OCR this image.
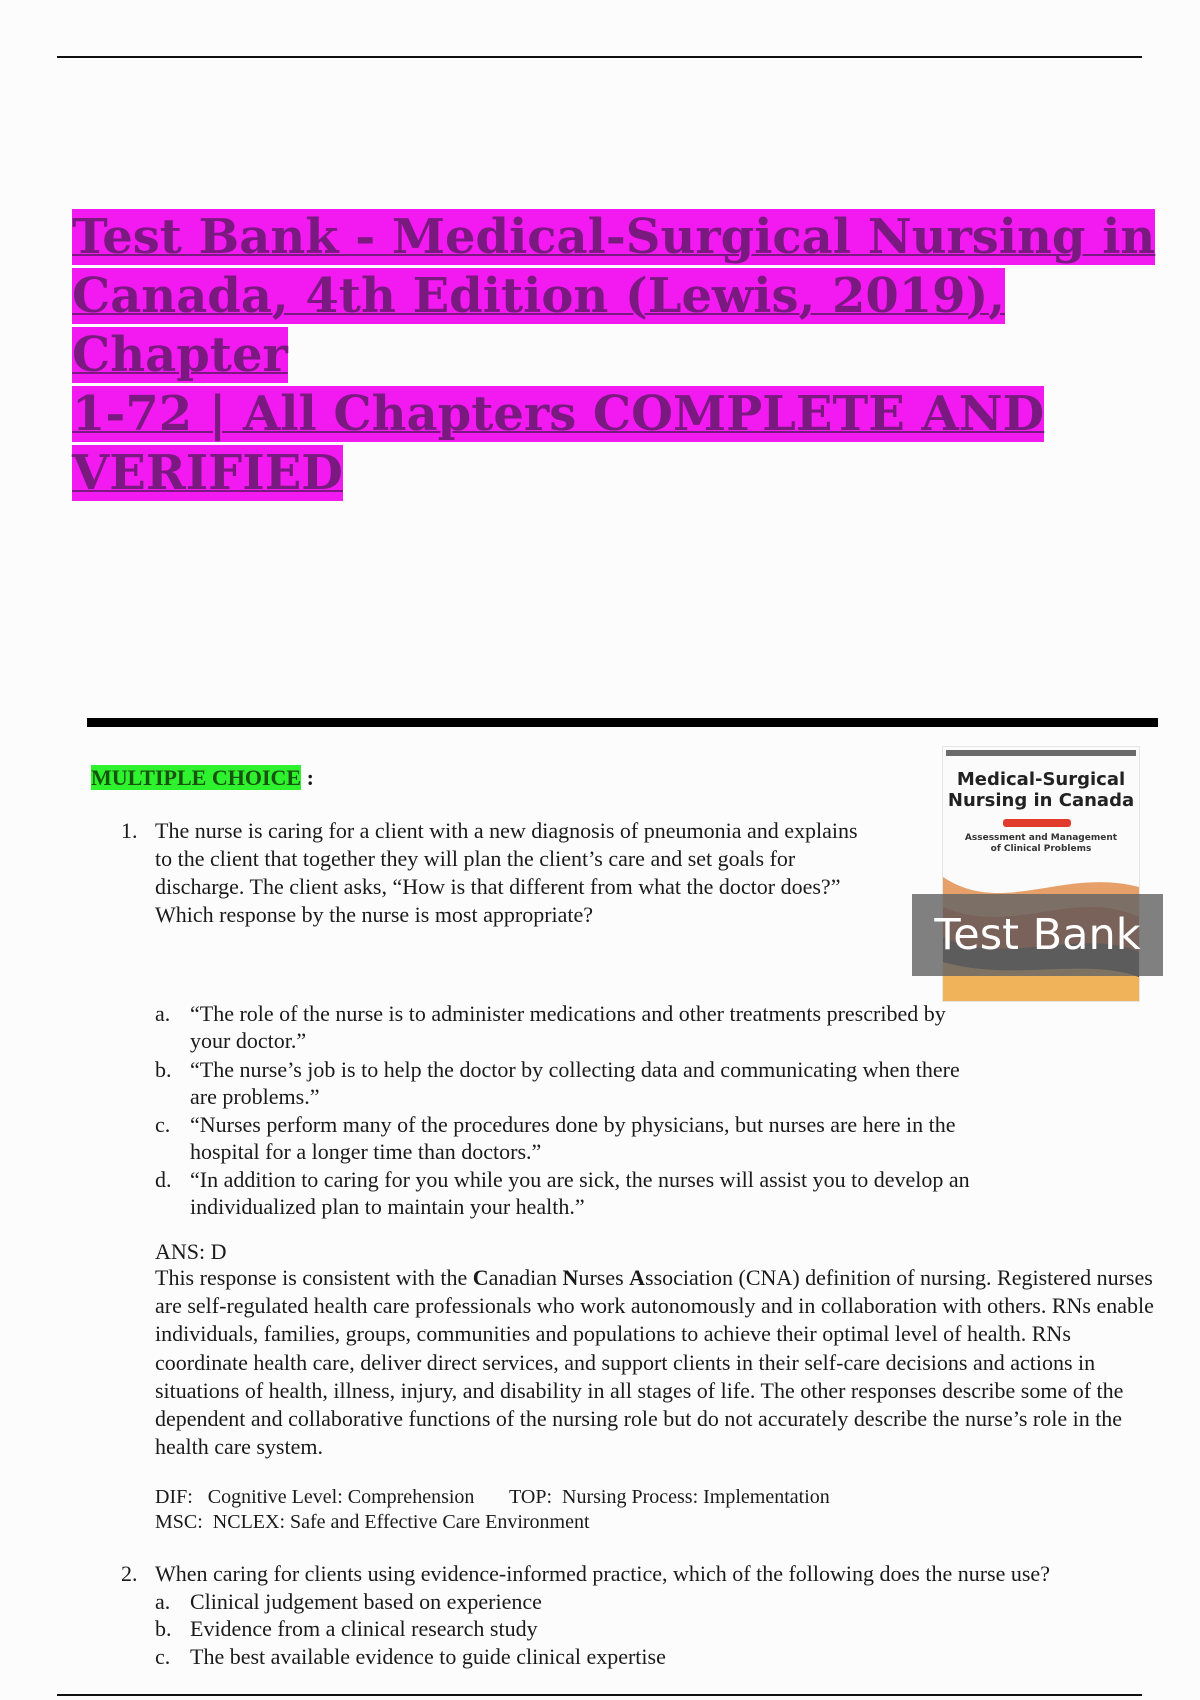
Test Bank - Medical-Surgical Nursing in
Canada, 4th Edition (Lewis, 2019), Chapter
1-72 | All Chapters COMPLETE AND
VERIFIED
MULTIPLE CHOICE :	Medical-Surgical
Nursing in Canada
Assessment and Management
of Clinical Problems
Test Bank
1. The nurse is caring for a client with a new diagnosis of pneumonia and explains to the client that together they will plan the client’s care and set goals for discharge. The client asks, “How is that different from what the doctor does?” Which response by the nurse is most appropriate?
a. “The role of the nurse is to administer medications and other treatments prescribed by your doctor.”
b. “The nurse’s job is to help the doctor by collecting data and communicating when there are problems.”
c. “Nurses perform many of the procedures done by physicians, but nurses are here in the hospital for a longer time than doctors.”
d. “In addition to caring for you while you are sick, the nurses will assist you to develop an individualized plan to maintain your health.”
ANS: D
This response is consistent with the Canadian Nurses Association (CNA) definition of nursing. Registered nurses are self-regulated health care professionals who work autonomously and in collaboration with others. RNs enable individuals, families, groups, communities and populations to achieve their optimal level of health. RNs coordinate health care, deliver direct services, and support clients in their self-care decisions and actions in situations of health, illness, injury, and disability in all stages of life. The other responses describe some of the dependent and collaborative functions of the nursing role but do not accurately describe the nurse’s role in the health care system.
DIF:   Cognitive Level: Comprehension       TOP:  Nursing Process: Implementation
MSC:  NCLEX: Safe and Effective Care Environment
2. When caring for clients using evidence-informed practice, which of the following does the nurse use?
a. Clinical judgement based on experience
b. Evidence from a clinical research study
c. The best available evidence to guide clinical expertise
